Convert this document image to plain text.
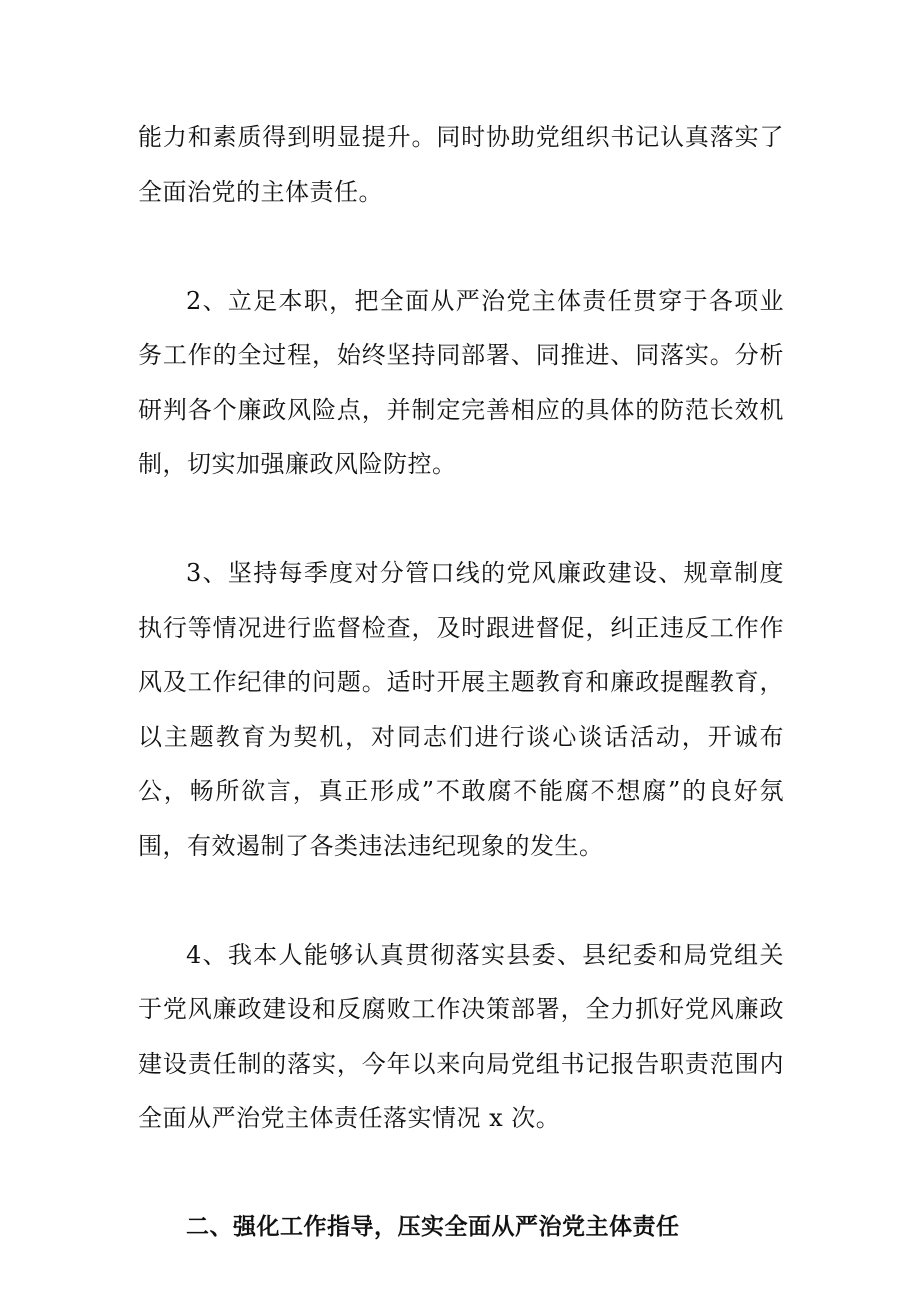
能力和素质得到明显提升。同时协助党组织书记认真落实了全面治党的主体责任。

2、立足本职，把全面从严治党主体责任贯穿于各项业务工作的全过程，始终坚持同部署、同推进、同落实。分析研判各个廉政风险点，并制定完善相应的具体的防范长效机制，切实加强廉政风险防控。

3、坚持每季度对分管口线的党风廉政建设、规章制度执行等情况进行监督检查，及时跟进督促，纠正违反工作作风及工作纪律的问题。适时开展主题教育和廉政提醒教育，以主题教育为契机，对同志们进行谈心谈话活动，开诚布公，畅所欲言，真正形成”不敢腐不能腐不想腐”的良好氛围，有效遏制了各类违法违纪现象的发生。

4、我本人能够认真贯彻落实县委、县纪委和局党组关于党风廉政建设和反腐败工作决策部署，全力抓好党风廉政建设责任制的落实，今年以来向局党组书记报告职责范围内全面从严治党主体责任落实情况 x 次。

二、强化工作指导，压实全面从严治党主体责任
